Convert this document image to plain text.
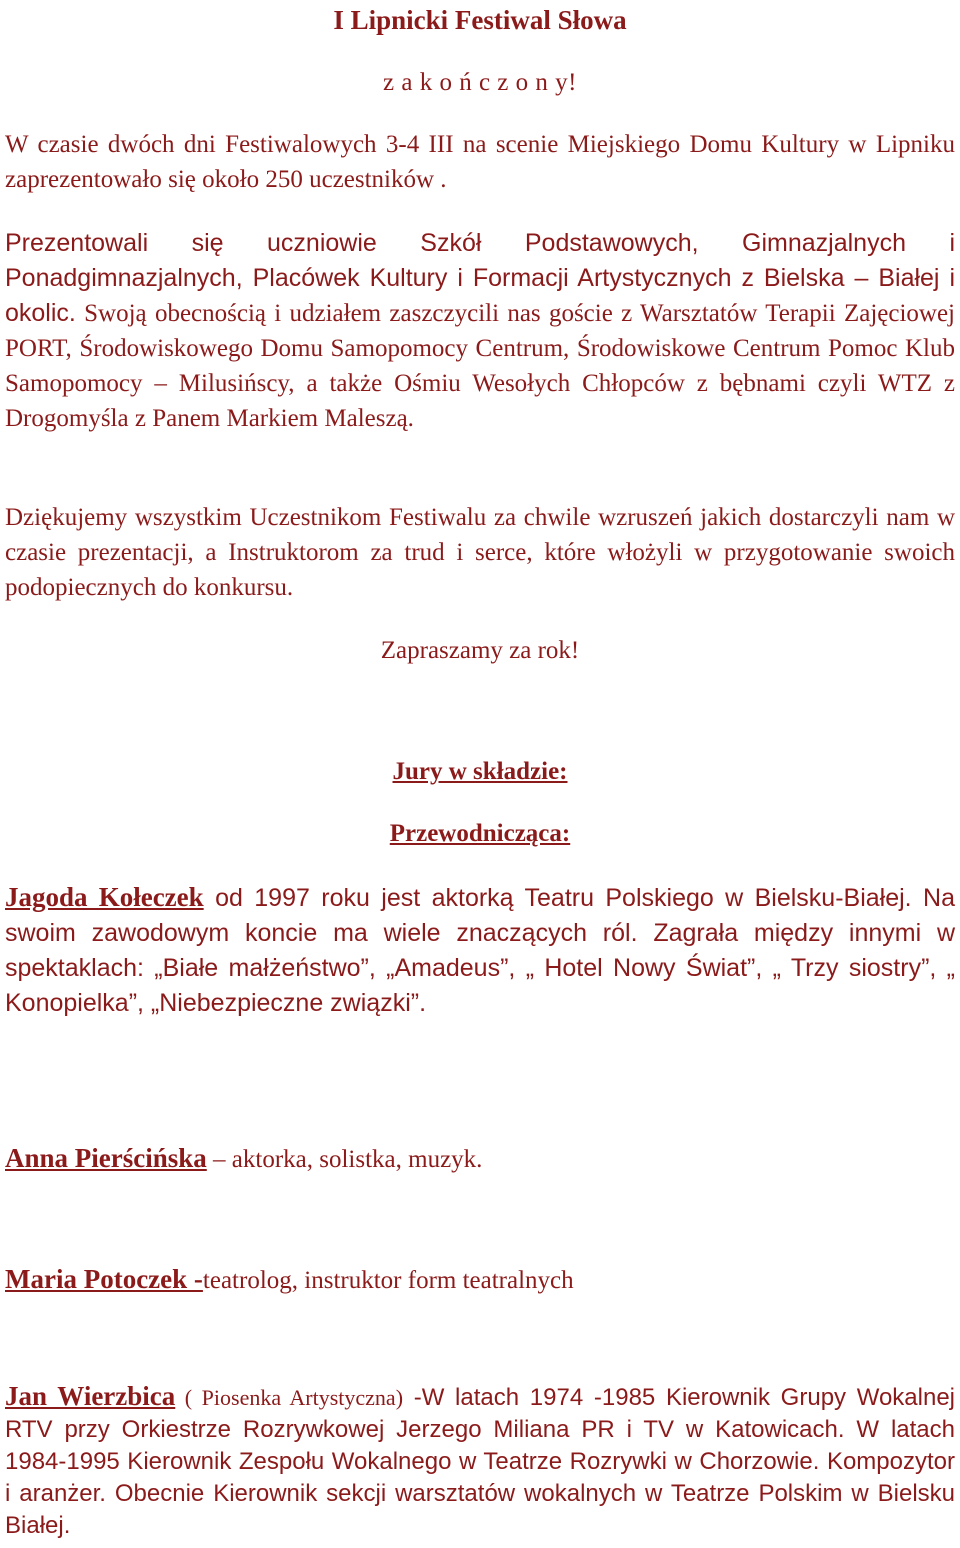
I Lipnicki Festiwal Słowa

z a k o ń c z o n y!

W czasie dwóch dni Festiwalowych 3-4 III na scenie Miejskiego Domu Kultury w Lipniku zaprezentowało się około 250 uczestników .

Prezentowali się uczniowie Szkół Podstawowych, Gimnazjalnych i Ponadgimnazjalnych, Placówek Kultury i Formacji Artystycznych z Bielska – Białej i okolic. Swoją obecnością i udziałem zaszczycili nas goście z Warsztatów Terapii Zajęciowej PORT, Środowiskowego Domu Samopomocy Centrum, Środowiskowe Centrum Pomoc Klub Samopomocy – Milusińscy, a także Ośmiu Wesołych Chłopców z bębnami czyli WTZ z Drogomyśla z Panem Markiem Maleszą.

Dziękujemy wszystkim Uczestnikom Festiwalu za chwile wzruszeń jakich dostarczyli nam w czasie prezentacji, a Instruktorom za trud i serce, które włożyli w przygotowanie swoich podopiecznych do konkursu.

Zapraszamy za rok!

Jury w składzie:

Przewodnicząca:

Jagoda Kołeczek od 1997 roku jest aktorką Teatru Polskiego w Bielsku-Białej. Na swoim zawodowym koncie ma wiele znaczących ról. Zagrała między innymi w spektaklach: „Białe małżeństwo”, „Amadeus”, „ Hotel Nowy Świat”, „ Trzy siostry”, „ Konopielka”, „Niebezpieczne związki”.

Anna Pierścińska – aktorka, solistka, muzyk.

Maria Potoczek -teatrolog, instruktor form teatralnych

Jan Wierzbica ( Piosenka Artystyczna) -W latach 1974 -1985 Kierownik Grupy Wokalnej RTV przy Orkiestrze Rozrywkowej Jerzego Miliana PR i TV w Katowicach. W latach 1984-1995 Kierownik Zespołu Wokalnego w Teatrze Rozrywki w Chorzowie. Kompozytor i aranżer. Obecnie Kierownik sekcji warsztatów wokalnych w Teatrze Polskim w Bielsku Białej.
